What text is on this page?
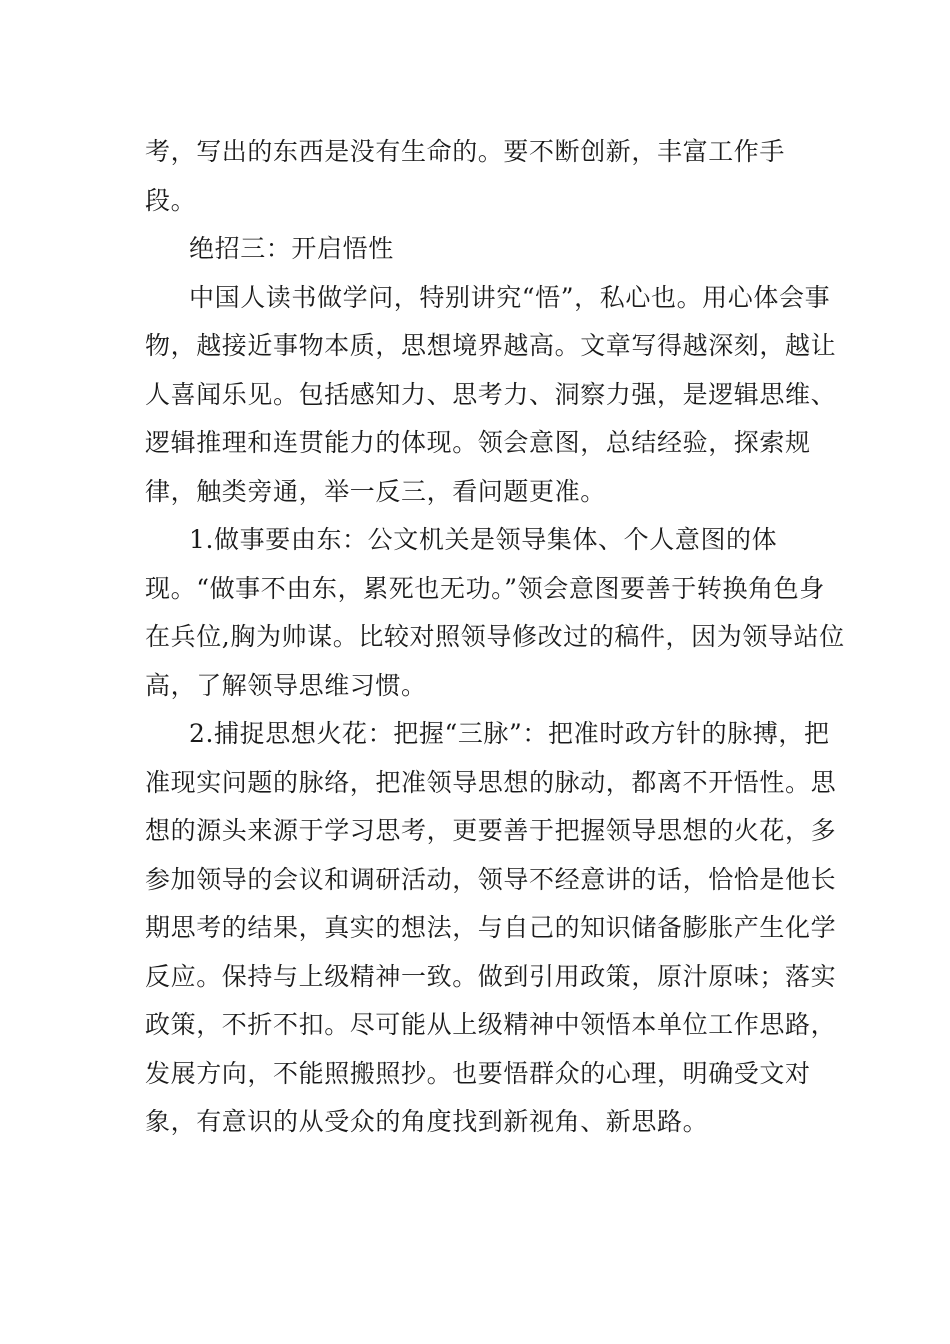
考，写出的东西是没有生命的。要不断创新，丰富工作手
段。

绝招三：开启悟性

中国人读书做学问，特别讲究“悟”，私心也。用心体会事物，越接近事物本质，思想境界越高。文章写得越深刻，越让人喜闻乐见。包括感知力、思考力、洞察力强，是逻辑思维、逻辑推理和连贯能力的体现。领会意图，总结经验，探索规律，触类旁通，举一反三，看问题更准。

1.做事要由东：公文机关是领导集体、个人意图的体现。“做事不由东，累死也无功。”领会意图要善于转换角色身在兵位,胸为帅谋。比较对照领导修改过的稿件，因为领导站位高，了解领导思维习惯。

2.捕捉思想火花：把握“三脉”：把准时政方针的脉搏，把准现实问题的脉络，把准领导思想的脉动，都离不开悟性。思想的源头来源于学习思考，更要善于把握领导思想的火花，多参加领导的会议和调研活动，领导不经意讲的话，恰恰是他长期思考的结果，真实的想法，与自己的知识储备膨胀产生化学反应。保持与上级精神一致。做到引用政策，原汁原味；落实政策，不折不扣。尽可能从上级精神中领悟本单位工作思路，发展方向，不能照搬照抄。也要悟群众的心理，明确受文对象，有意识的从受众的角度找到新视角、新思路。
